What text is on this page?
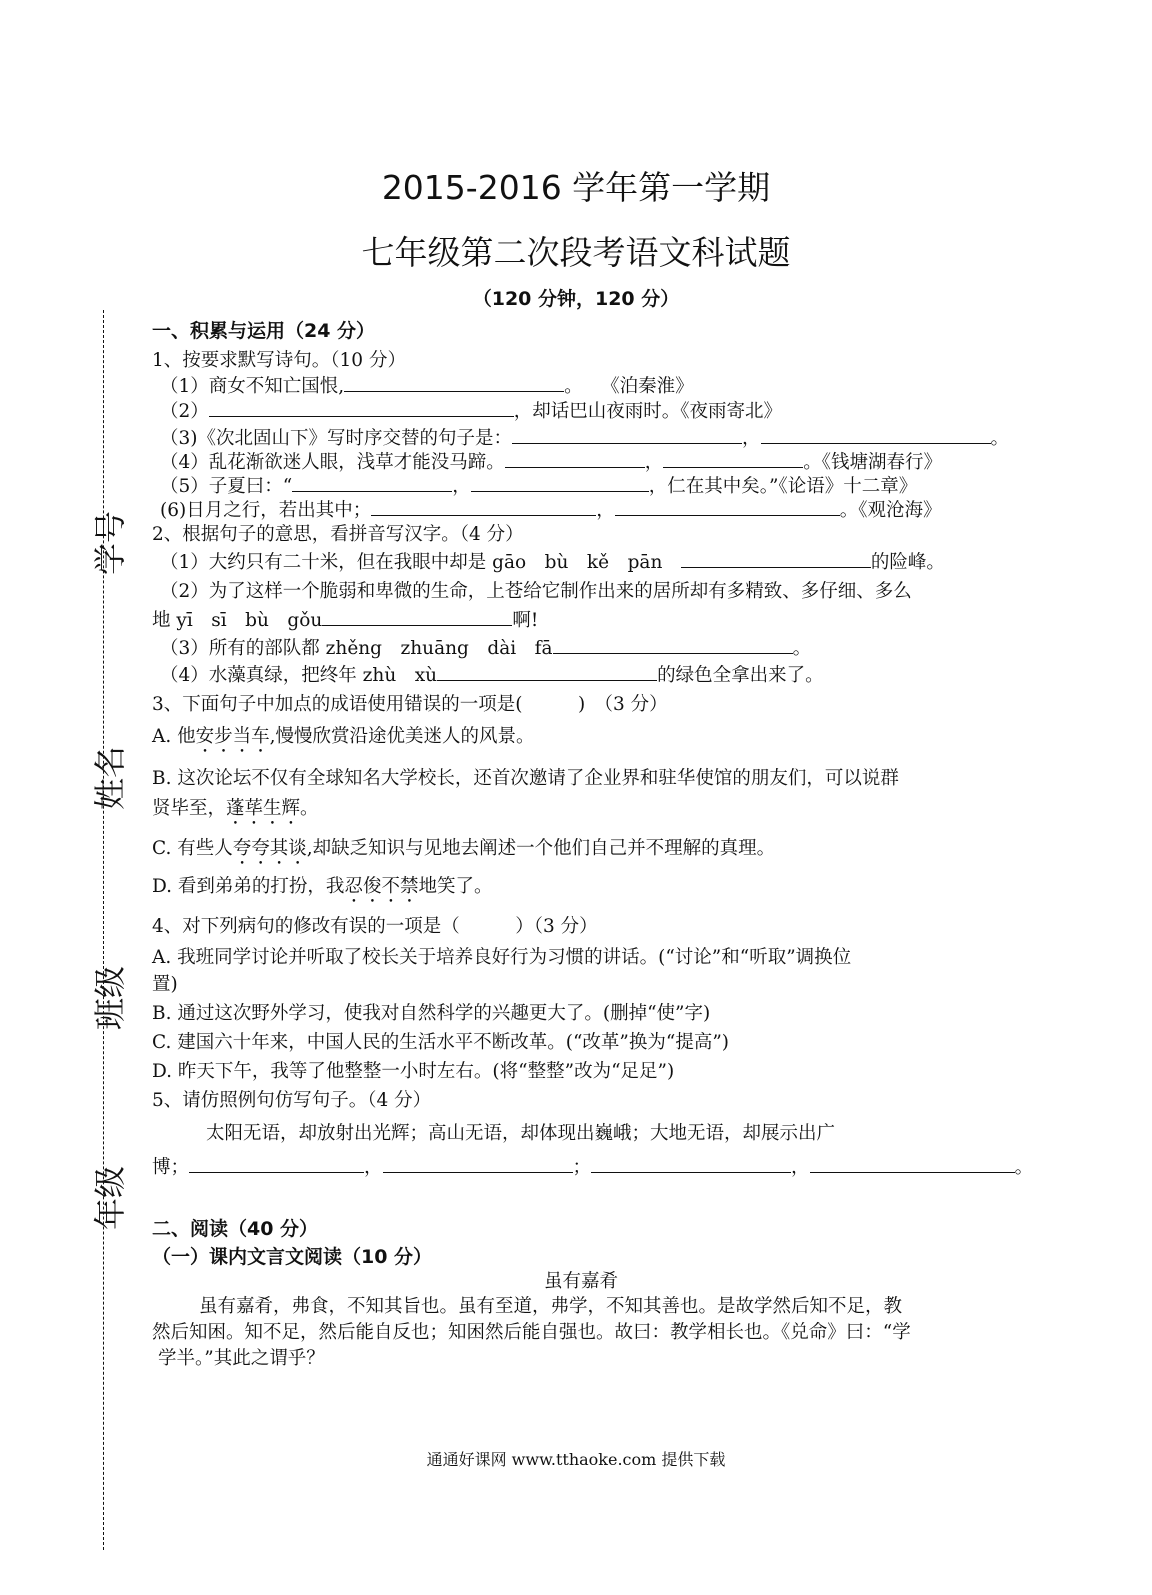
学号
姓名
班级
年级
2015-2016 学年第一学期
七年级第二次段考语文科试题
（120 分钟，120 分）
一、积累与运用（24 分）
1、按要求默写诗句。（10 分）
（1）商女不知亡国恨,	。　　《泊秦淮》
（2）	，却话巴山夜雨时。《夜雨寄北》
（3)《次北固山下》写时序交替的句子是：	，	。
（4）乱花渐欲迷人眼，浅草才能没马蹄。	，	。《钱塘湖春行》
（5）子夏曰：“	，	，仁在其中矣。”《论语》十二章》
(6)日月之行，若出其中；	，	。《观沧海》
2、根据句子的意思，看拼音写汉字。（4 分）
（1）大约只有二十米，但在我眼中却是 gāo　bù　kě　pān　	的险峰。
（2）为了这样一个脆弱和卑微的生命，上苍给它制作出来的居所却有多精致、多仔细、多么
地 yī　sī　bù　gǒu	啊!
（3）所有的部队都 zhěng　zhuāng　dài　fā	。
（4）水藻真绿，把终年 zhù　xù	的绿色全拿出来了。
3、下面句子中加点的成语使用错误的一项是(　　　)　（3 分）
A. 他安步当车,慢慢欣赏沿途优美迷人的风景。
B. 这次论坛不仅有全球知名大学校长，还首次邀请了企业界和驻华使馆的朋友们，可以说群
贤毕至，蓬荜生辉。
C. 有些人夸夸其谈,却缺乏知识与见地去阐述一个他们自己并不理解的真理。
D. 看到弟弟的打扮，我忍俊不禁地笑了。
4、对下列病句的修改有误的一项是（　　　）（3 分）
A. 我班同学讨论并听取了校长关于培养良好行为习惯的讲话。(“讨论”和“听取”调换位
置)
B. 通过这次野外学习，使我对自然科学的兴趣更大了。(删掉“使”字)
C. 建国六十年来，中国人民的生活水平不断改革。(“改革”换为“提高”)
D. 昨天下午，我等了他整整一小时左右。(将“整整”改为“足足”)
5、请仿照例句仿写句子。（4 分）
太阳无语，却放射出光辉；高山无语，却体现出巍峨；大地无语，却展示出广
博；	，	；	，	。
二、阅读（40 分）
（一）课内文言文阅读（10 分）
虽有嘉肴
虽有嘉肴，弗食，不知其旨也。虽有至道，弗学，不知其善也。是故学然后知不足，教
然后知困。知不足，然后能自反也；知困然后能自强也。故曰：教学相长也。《兑命》曰：“学
学半。”其此之谓乎？
通通好课网 www.tthaoke.com 提供下载
